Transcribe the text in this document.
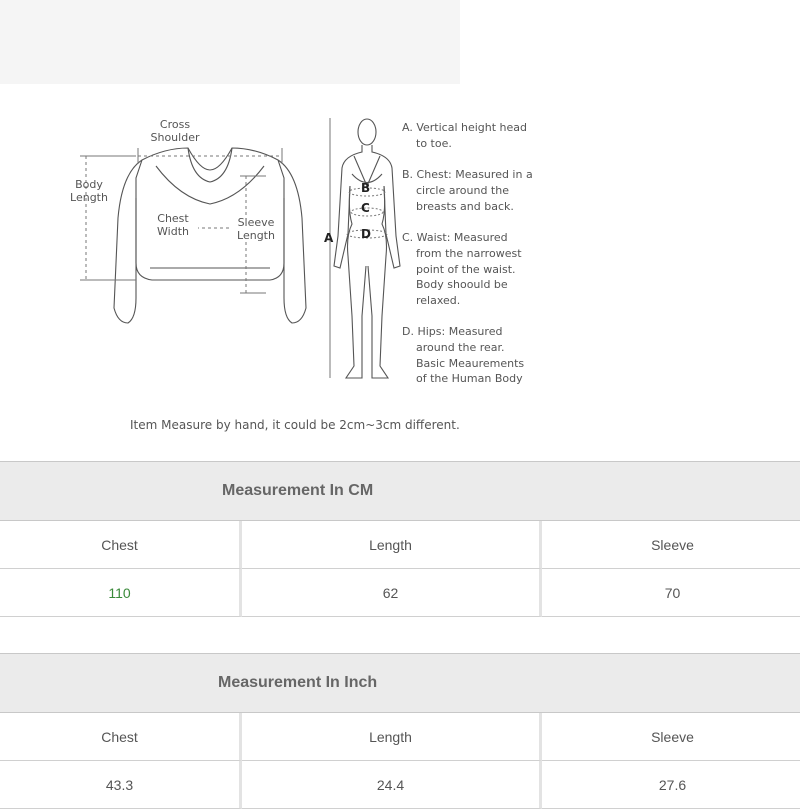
Cross
Shoulder
Body
Length
Chest
Width
Sleeve
Length	A
B
C
D
A. Vertical height head
to toe.
B. Chest: Measured in a
circle around the
breasts and back.
C. Waist: Measured
from the narrowest
point of the waist.
Body shoould be
relaxed.
D. Hips: Measured
around the rear.
Basic Meaurements
of the Human Body
Item Measure by hand, it could be 2cm~3cm different.
Measurement In CM		
Chest	Length	Sleeve
110	62	70
Measurement In Inch		
Chest	Length	Sleeve
43.3	24.4	27.6
